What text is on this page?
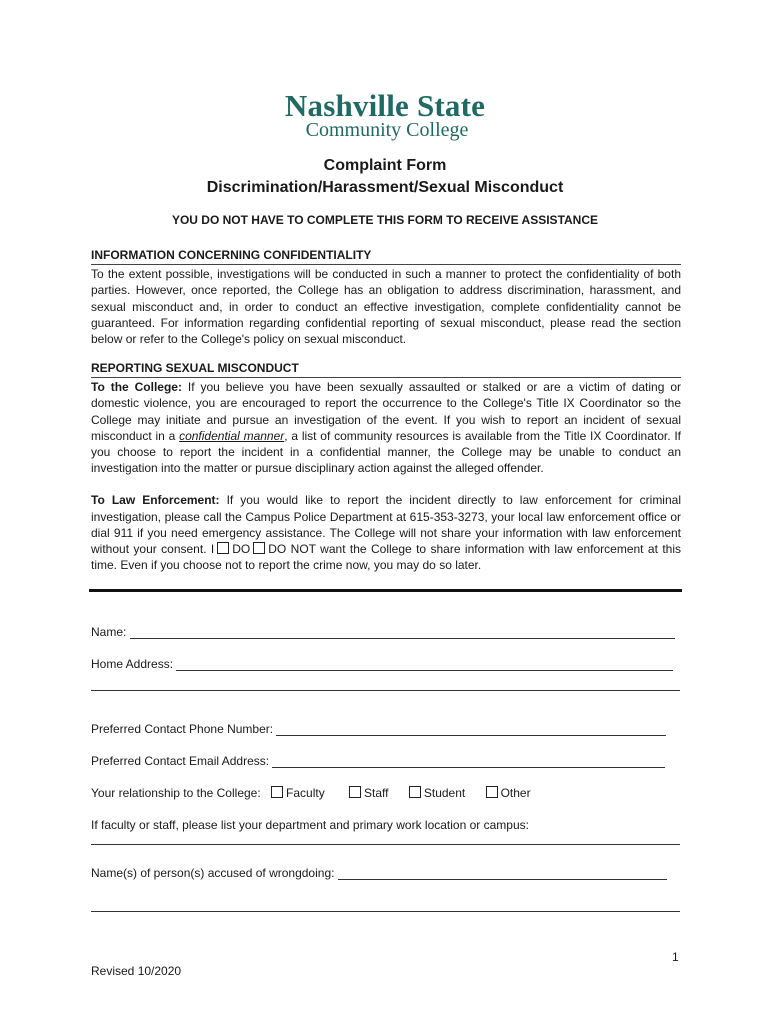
Nashville State
Community College
Complaint Form
Discrimination/Harassment/Sexual Misconduct
YOU DO NOT HAVE TO COMPLETE THIS FORM TO RECEIVE ASSISTANCE

INFORMATION CONCERNING CONFIDENTIALITY

To the extent possible, investigations will be conducted in such a manner to protect the confidentiality of both parties. However, once reported, the College has an obligation to address discrimination, harassment, and sexual misconduct and, in order to conduct an effective investigation, complete confidentiality cannot be guaranteed. For information regarding confidential reporting of sexual misconduct, please read the section below or refer to the College's policy on sexual misconduct.

REPORTING SEXUAL MISCONDUCT

To the College: If you believe you have been sexually assaulted or stalked or are a victim of dating or domestic violence, you are encouraged to report the occurrence to the College's Title IX Coordinator so the College may initiate and pursue an investigation of the event. If you wish to report an incident of sexual misconduct in a confidential manner, a list of community resources is available from the Title IX Coordinator. If you choose to report the incident in a confidential manner, the College may be unable to conduct an investigation into the matter or pursue disciplinary action against the alleged offender.

To Law Enforcement: If you would like to report the incident directly to law enforcement for criminal investigation, please call the Campus Police Department at 615-353-3273, your local law enforcement office or dial 911 if you need emergency assistance. The College will not share your information with law enforcement without your consent. I DO DO NOT want the College to share information with law enforcement at this time. Even if you choose not to report the crime now, you may do so later.

Name:
Home Address:
Preferred Contact Phone Number:
Preferred Contact Email Address:
Your relationship to the College: Faculty	Staff	Student	Other
If faculty or staff, please list your department and primary work location or campus:
Name(s) of person(s) accused of wrongdoing:
1
Revised 10/2020
